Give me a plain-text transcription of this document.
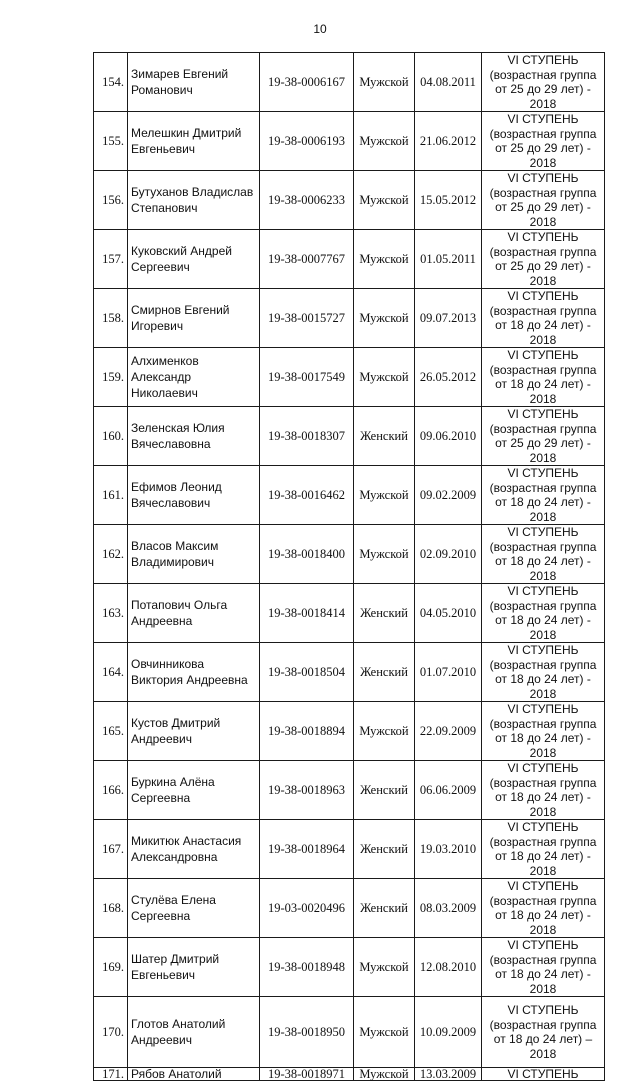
10
154.	Зимарев Евгений Романович	19-38-0006167	Мужской	04.08.2011	VI СТУПЕНЬ (возрастная группа от 25 до 29 лет) - 2018
155.	Мелешкин Дмитрий Евгеньевич	19-38-0006193	Мужской	21.06.2012	VI СТУПЕНЬ (возрастная группа от 25 до 29 лет) - 2018
156.	Бутуханов Владислав Степанович	19-38-0006233	Мужской	15.05.2012	VI СТУПЕНЬ (возрастная группа от 25 до 29 лет) - 2018
157.	Куковский Андрей Сергеевич	19-38-0007767	Мужской	01.05.2011	VI СТУПЕНЬ (возрастная группа от 25 до 29 лет) - 2018
158.	Смирнов Евгений Игоревич	19-38-0015727	Мужской	09.07.2013	VI СТУПЕНЬ (возрастная группа от 18 до 24 лет) - 2018
159.	Алхименков Александр Николаевич	19-38-0017549	Мужской	26.05.2012	VI СТУПЕНЬ (возрастная группа от 18 до 24 лет) - 2018
160.	Зеленская Юлия Вячеславовна	19-38-0018307	Женский	09.06.2010	VI СТУПЕНЬ (возрастная группа от 25 до 29 лет) - 2018
161.	Ефимов Леонид Вячеславович	19-38-0016462	Мужской	09.02.2009	VI СТУПЕНЬ (возрастная группа от 18 до 24 лет) - 2018
162.	Власов Максим Владимирович	19-38-0018400	Мужской	02.09.2010	VI СТУПЕНЬ (возрастная группа от 18 до 24 лет) - 2018
163.	Потапович Ольга Андреевна	19-38-0018414	Женский	04.05.2010	VI СТУПЕНЬ (возрастная группа от 18 до 24 лет) - 2018
164.	Овчинникова Виктория Андреевна	19-38-0018504	Женский	01.07.2010	VI СТУПЕНЬ (возрастная группа от 18 до 24 лет) - 2018
165.	Кустов Дмитрий Андреевич	19-38-0018894	Мужской	22.09.2009	VI СТУПЕНЬ (возрастная группа от 18 до 24 лет) - 2018
166.	Буркина Алёна Сергеевна	19-38-0018963	Женский	06.06.2009	VI СТУПЕНЬ (возрастная группа от 18 до 24 лет) - 2018
167.	Микитюк Анастасия Александровна	19-38-0018964	Женский	19.03.2010	VI СТУПЕНЬ (возрастная группа от 18 до 24 лет) - 2018
168.	Стулёва Елена Сергеевна	19-03-0020496	Женский	08.03.2009	VI СТУПЕНЬ (возрастная группа от 18 до 24 лет) - 2018
169.	Шатер Дмитрий Евгеньевич	19-38-0018948	Мужской	12.08.2010	VI СТУПЕНЬ (возрастная группа от 18 до 24 лет) - 2018
170.	Глотов Анатолий Андреевич	19-38-0018950	Мужской	10.09.2009	VI СТУПЕНЬ (возрастная группа от 18 до 24 лет) – 2018
171.	Рябов Анатолий	19-38-0018971	Мужской	13.03.2009	VI СТУПЕНЬ
